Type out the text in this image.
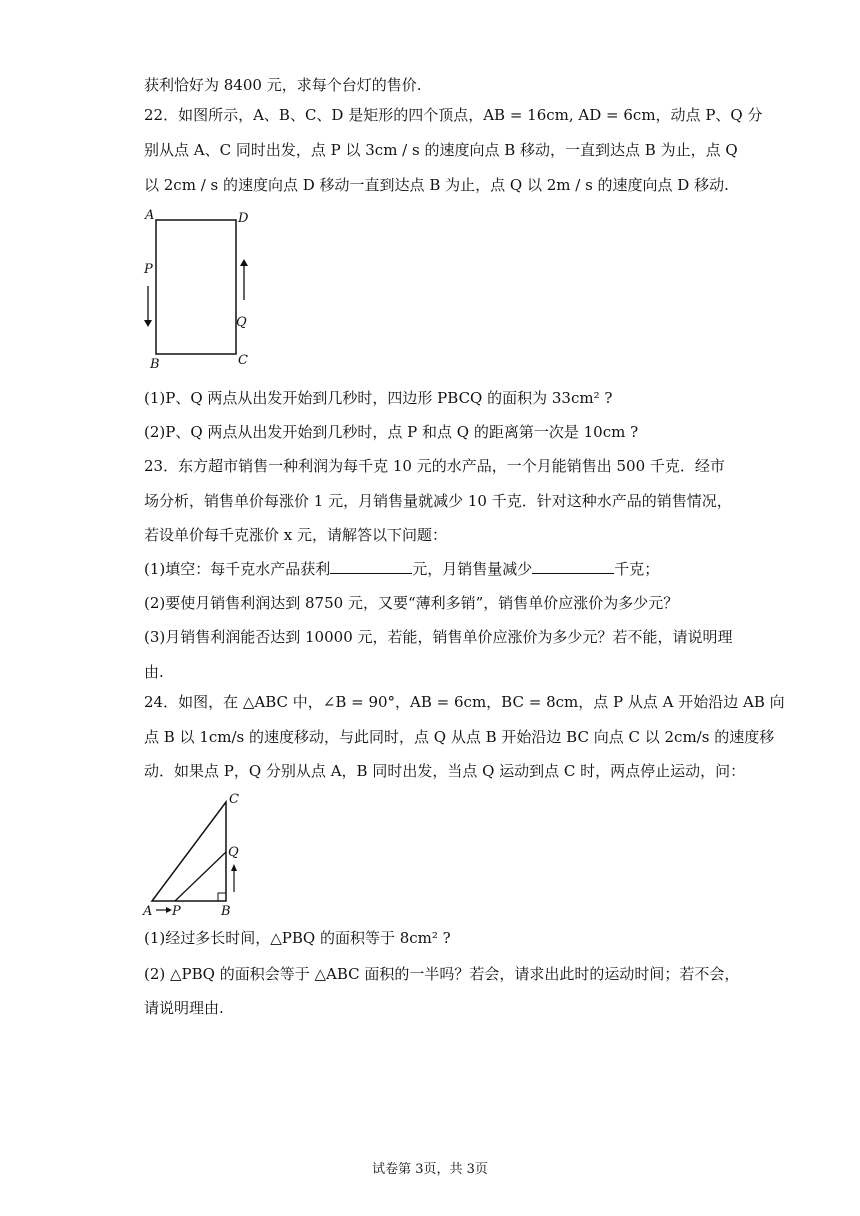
获利恰好为 8400 元，求每个台灯的售价.
22．如图所示，A、B、C、D 是矩形的四个顶点，AB = 16cm, AD = 6cm，动点 P、Q 分
别从点 A、C 同时出发，点 P 以 3cm / s 的速度向点 B 移动，一直到达点 B 为止，点 Q
以 2cm / s 的速度向点 D 移动一直到达点 B 为止，点 Q 以 2m / s 的速度向点 D 移动.
A	D
P
Q
B	C
(1)P、Q 两点从出发开始到几秒时，四边形 PBCQ 的面积为 33cm² ?
(2)P、Q 两点从出发开始到几秒时，点 P 和点 Q 的距离第一次是 10cm ?
23．东方超市销售一种利润为每千克 10 元的水产品，一个月能销售出 500 千克．经市
场分析，销售单价每涨价 1 元，月销售量就减少 10 千克．针对这种水产品的销售情况，
若设单价每千克涨价 x 元，请解答以下问题：
(1)填空：每千克水产品获利	元，月销售量减少	千克；
(2)要使月销售利润达到 8750 元，又要“薄利多销”，销售单价应涨价为多少元？
(3)月销售利润能否达到 10000 元，若能，销售单价应涨价为多少元？若不能，请说明理
由.
24．如图，在 △ABC 中，∠B = 90°，AB = 6cm，BC = 8cm，点 P 从点 A 开始沿边 AB 向
点 B 以 1cm/s 的速度移动，与此同时，点 Q 从点 B 开始沿边 BC 向点 C 以 2cm/s 的速度移
动．如果点 P，Q 分别从点 A，B 同时出发，当点 Q 运动到点 C 时，两点停止运动，问：
C
Q
A P	B
(1)经过多长时间，△PBQ 的面积等于 8cm² ?
(2) △PBQ 的面积会等于 △ABC 面积的一半吗？若会，请求出此时的运动时间；若不会，
请说明理由.
试卷第 3页，共 3页
